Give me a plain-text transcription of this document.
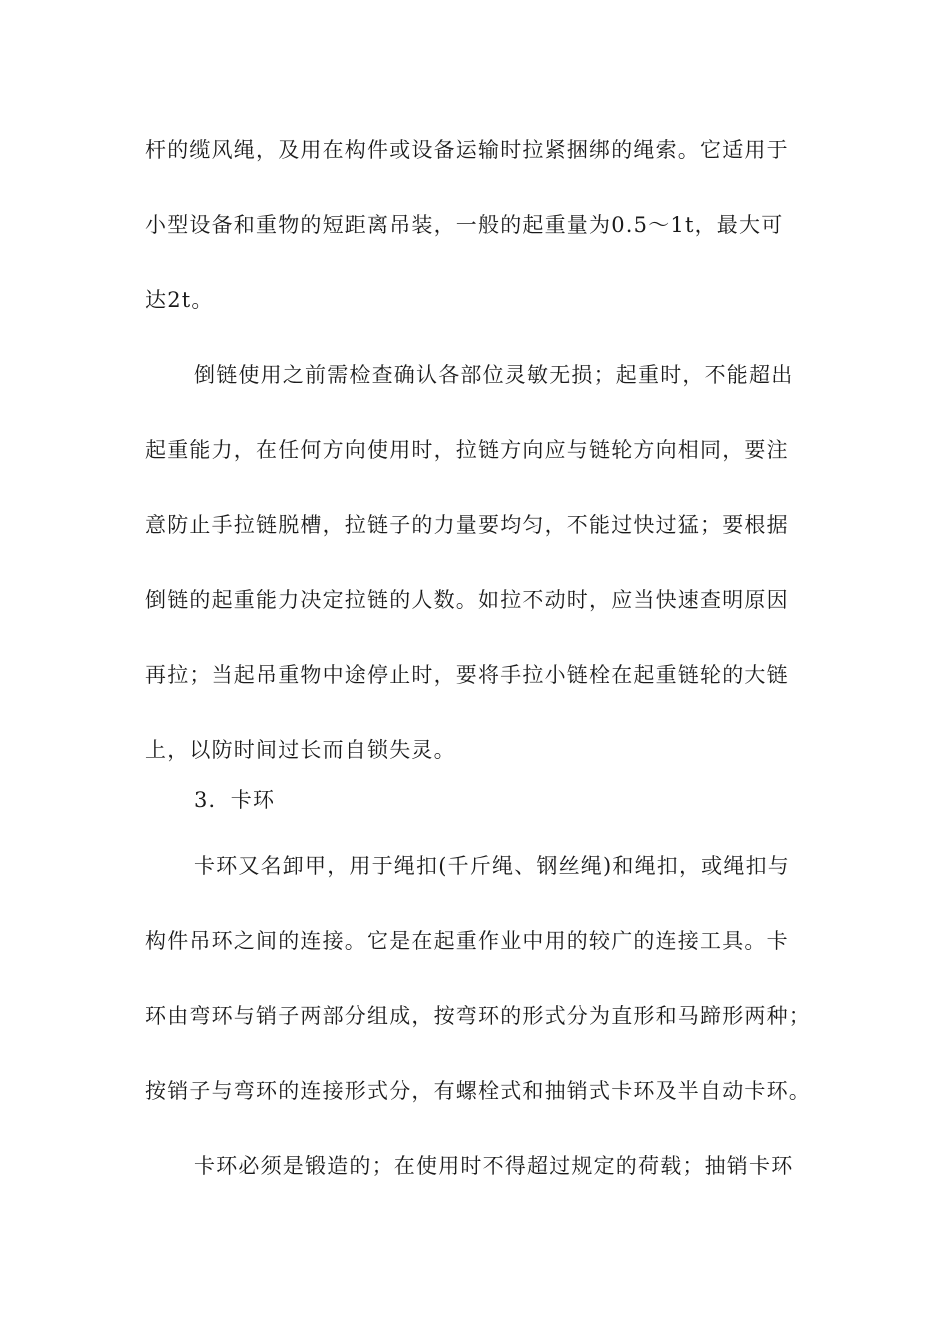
杆的缆风绳，及用在构件或设备运输时拉紧捆绑的绳索。它适用于
小型设备和重物的短距离吊装，一般的起重量为0.5～1t，最大可
达2t。
倒链使用之前需检查确认各部位灵敏无损；起重时，不能超出
起重能力，在任何方向使用时，拉链方向应与链轮方向相同，要注
意防止手拉链脱槽，拉链子的力量要均匀，不能过快过猛；要根据
倒链的起重能力决定拉链的人数。如拉不动时，应当快速查明原因
再拉；当起吊重物中途停止时，要将手拉小链栓在起重链轮的大链
上，以防时间过长而自锁失灵。
3．卡环
卡环又名卸甲，用于绳扣(千斤绳、钢丝绳)和绳扣，或绳扣与
构件吊环之间的连接。它是在起重作业中用的较广的连接工具。卡
环由弯环与销子两部分组成，按弯环的形式分为直形和马蹄形两种；
按销子与弯环的连接形式分，有螺栓式和抽销式卡环及半自动卡环。
卡环必须是锻造的；在使用时不得超过规定的荷载；抽销卡环
